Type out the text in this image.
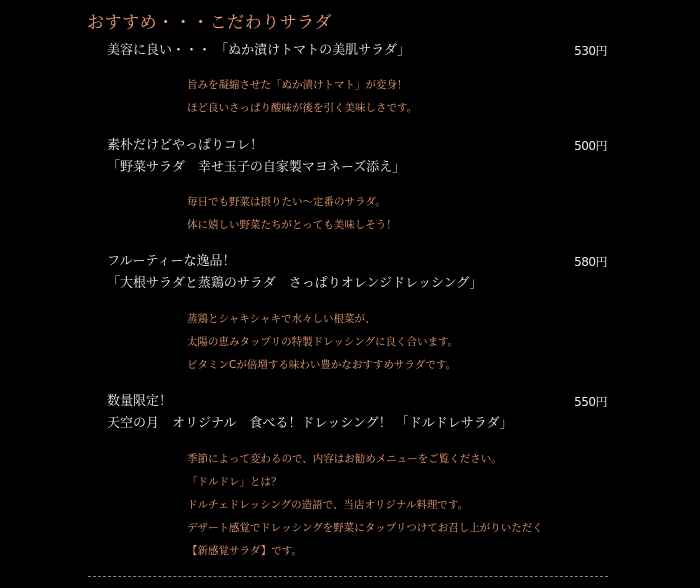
おすすめ・・・こだわりサラダ
美容に良い・・・ 「ぬか漬けトマトの美肌サラダ」	530円
旨みを凝縮させた「ぬか漬けトマト」が変身！
ほど良いさっぱり酸味が後を引く美味しさです。
素朴だけどやっぱりコレ！
「野菜サラダ　幸せ玉子の自家製マヨネーズ添え」
500円
毎日でも野菜は摂りたい～定番のサラダ。
体に嬉しい野菜たちがとっても美味しそう！
フルーティーな逸品！
「大根サラダと蒸鶏のサラダ　さっぱりオレンジドレッシング」
580円
蒸鶏とシャキシャキで水々しい根菜が、
太陽の恵みタップリの特製ドレッシングに良く合います。
ビタミンCが倍増する味わい豊かなおすすめサラダです。
数量限定！
天空の月　オリジナル　食べる！ドレッシング！ 「ドルドレサラダ」
550円
季節によって変わるので、内容はお勧めメニューをご覧ください。
「ドルドレ」とは？
ドルチェドレッシングの造語で、当店オリジナル料理です。
デザート感覚でドレッシングを野菜にタップリつけてお召し上がりいただく
【新感覚サラダ】です。
